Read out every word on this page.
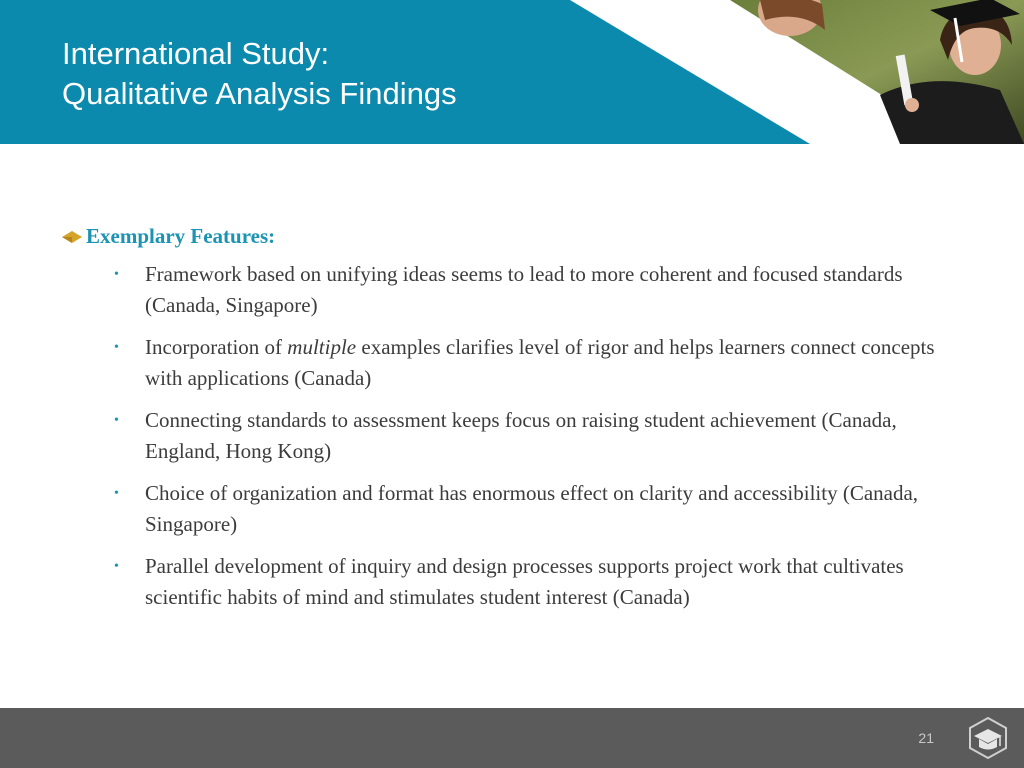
International Study:
Qualitative Analysis Findings
Exemplary Features:
• Framework based on unifying ideas seems to lead to more coherent and focused standards (Canada, Singapore)
• Incorporation of multiple examples clarifies level of rigor and helps learners connect concepts with applications (Canada)
• Connecting standards to assessment keeps focus on raising student achievement (Canada, England, Hong Kong)
• Choice of organization and format has enormous effect on clarity and accessibility (Canada, Singapore)
• Parallel development of inquiry and design processes supports project work that cultivates scientific habits of mind and stimulates student interest (Canada)
21
